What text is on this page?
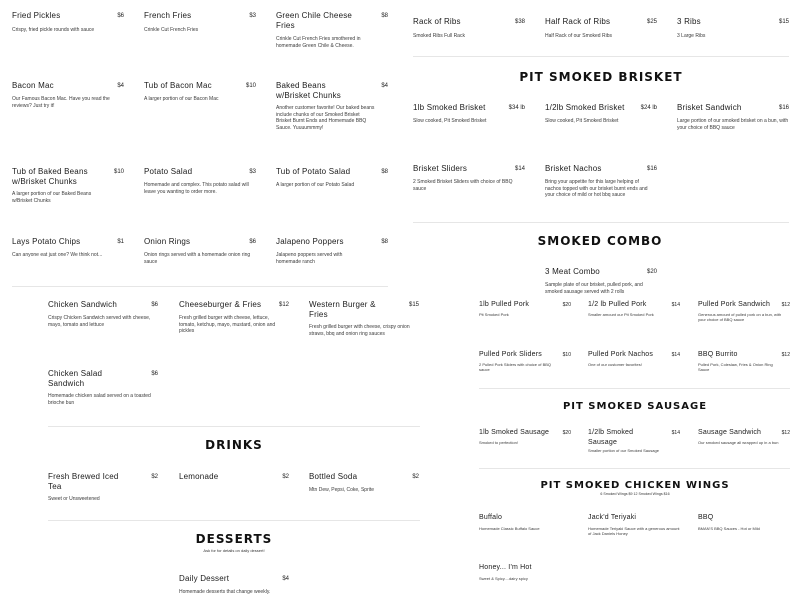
Fried Pickles	$6
Crispy, fried pickle rounds with sauce
French Fries	$3
Crinkle Cut French Fries
Green Chile Cheese Fries
$8
Crinkle Cut French Fries smothered in homemade Green Chile & Cheese.
Bacon Mac	$4
Our Famous Bacon Mac. Have you read the reviews? Just try it!
Tub of Bacon Mac	$10
A larger portion of our Bacon Mac
Baked Beans w/Brisket Chunks
$4
Another customer favorite! Our baked beans include chunks of our Smoked Brisket Brisket Burnt Ends and Homemade BBQ Sauce. Yuuuummmy!
Tub of Baked Beans w/Brisket Chunks
$10
A larger portion of our Baked Beans w/Brisket Chunks
Potato Salad	$3
Homemade and complex. This potato salad will leave you wanting to order more.
Tub of Potato Salad	$8
A larger portion of our Potato Salad
Lays Potato Chips	$1
Can anyone eat just one? We think not...
Onion Rings	$6
Onion rings served with a homemade onion ring sauce
Jalapeno Poppers	$8
Jalapeno poppers served with homemade ranch
Chicken Sandwich	$6
Crispy Chicken Sandwich served with cheese, mayo, tomato and lettuce
Cheeseburger & Fries	$12
Fresh grilled burger with cheese, lettuce, tomato, ketchup, mayo, mustard, onion and pickles
Western Burger & Fries
$15
Fresh grilled burger with cheese, crispy onion straws, bbq and onion ring sauces
Chicken Salad Sandwich
$6
Homemade chicken salad served on a toasted brioche bun
DRINKS
Fresh Brewed Iced Tea
$2
Sweet or Unsweetened
Lemonade	$2	Bottled Soda	$2
Mtn Dew, Pepsi, Coke, Sprite
DESSERTS
Ask for for details on daily dessert!
Daily Dessert	$4
Homemade desserts that change weekly.
Rack of Ribs	$38
Smoked Ribs Full Rack
Half Rack of Ribs	$25
Half Rack of our Smoked Ribs
3 Ribs	$15
3 Large Ribs
PIT SMOKED BRISKET
1lb Smoked Brisket	$34 lb
Slow cooked, Pit Smoked Brisket
1/2lb Smoked Brisket	$24 lb
Slow cooked, Pit Smoked Brisket
Brisket Sandwich	$16
Large portion of our smoked brisket on a bun, with your choice of BBQ sauce
Brisket Sliders	$14
2 Smoked Brisket Sliders with choice of BBQ sauce
Brisket Nachos	$16
Bring your appetite for this large helping of nachos topped with our brisket burnt ends and your choice of mild or hot bbq sauce
SMOKED COMBO
3 Meat Combo	$20
Sample plate of our brisket, pulled pork, and smoked sausage served with 2 rolls
1lb Pulled Pork	$20
Pit Smoked Pork
1/2 lb Pulled Pork	$14
Smaller amount our Pit Smoked Pork
Pulled Pork Sandwich $12
Generous amount of pulled pork on a bun, with your choice of BBQ sauce
Pulled Pork Sliders	$10
2 Pulled Pork Sliders with choice of BBQ sauce
Pulled Pork Nachos	$14
One of our customer favorites!
BBQ Burrito	$12
Pulled Pork, Coleslaw, Fries & Onion Ring Sauce
PIT SMOKED SAUSAGE
1lb Smoked Sausage	$20
Smoked to perfection!
1/2lb Smoked Sausage
$14
Smaller portion of our Smoked Sausage
Sausage Sandwich	$12
Our smoked sausage all wrapped up in a bun
PIT SMOKED CHICKEN WINGS
6 Smoked Wings $9 12 Smoked Wings $16
Buffalo
Homemade Classic Buffalo Sauce
Jack'd Teriyaki
Homemade Teriyaki Sauce with a generous amount of Jack Daniels Honey
BBQ
BMAN'S BBQ Sauces - Hot or Mild
Honey... I'm Hot
Sweet & Spicy....dairy spicy
